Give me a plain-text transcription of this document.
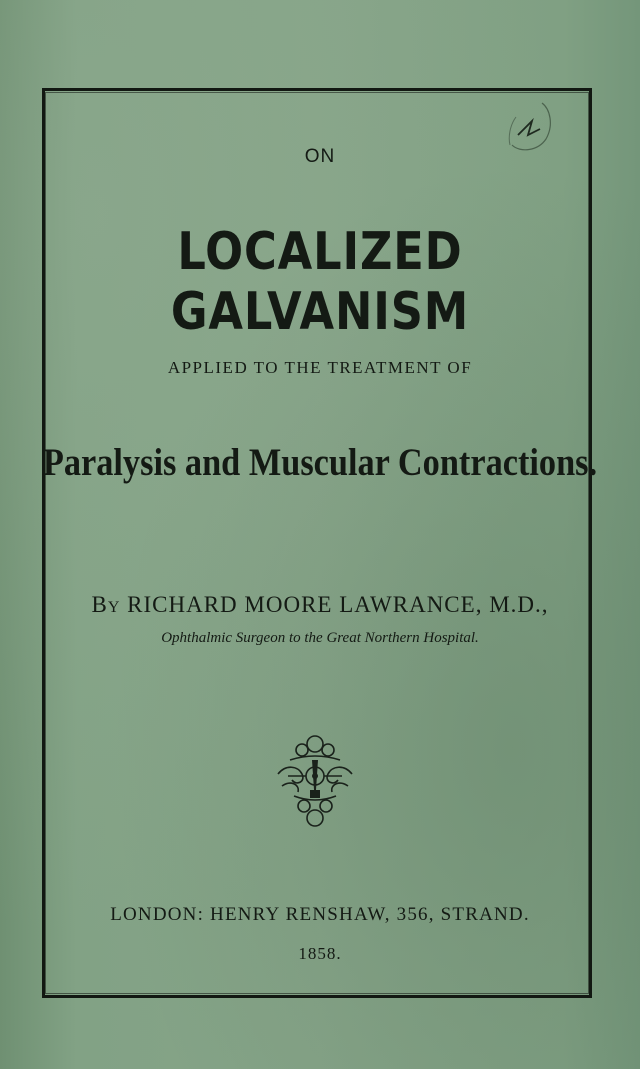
ON
LOCALIZED GALVANISM
APPLIED TO THE TREATMENT OF
Paralysis and Muscular Contractions.
By RICHARD MOORE LAWRANCE, M.D.,
Ophthalmic Surgeon to the Great Northern Hospital.
LONDON: HENRY RENSHAW, 356, STRAND.
1858.
